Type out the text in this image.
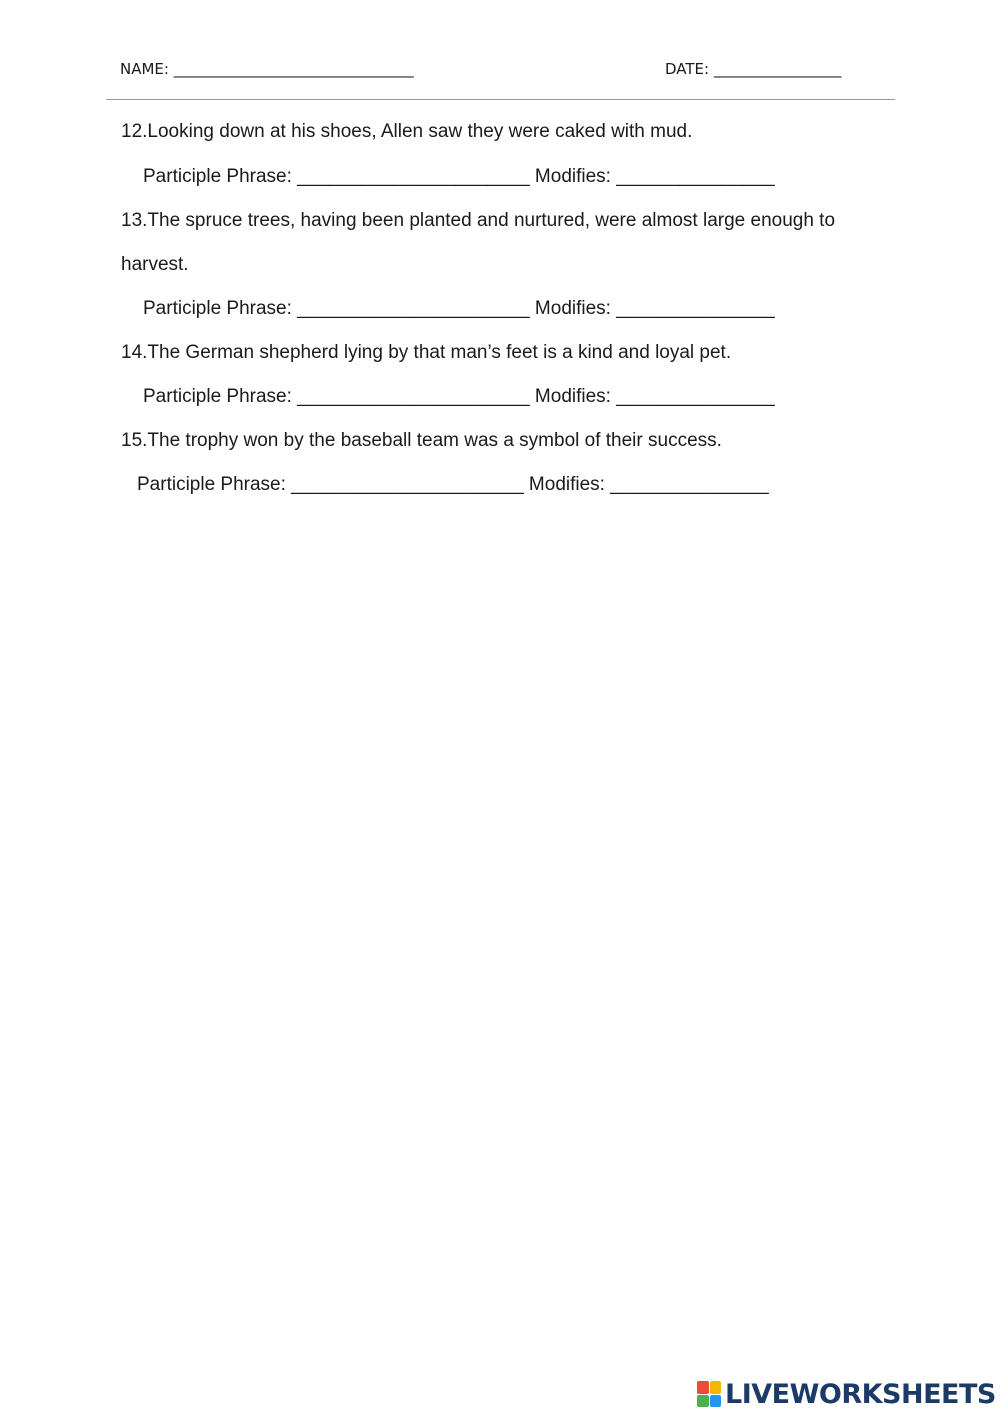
NAME: ________________________________	DATE: _________________
12.Looking down at his shoes, Allen saw they were caked with mud.
Participle Phrase: ______________________ Modifies: _______________
13.The spruce trees, having been planted and nurtured, were almost large enough to
harvest.
Participle Phrase: ______________________ Modifies: _______________
14.The German shepherd lying by that man’s feet is a kind and loyal pet.
Participle Phrase: ______________________ Modifies: _______________
15.The trophy won by the baseball team was a symbol of their success.
Participle Phrase: ______________________ Modifies: _______________
LIVEWORKSHEETS
